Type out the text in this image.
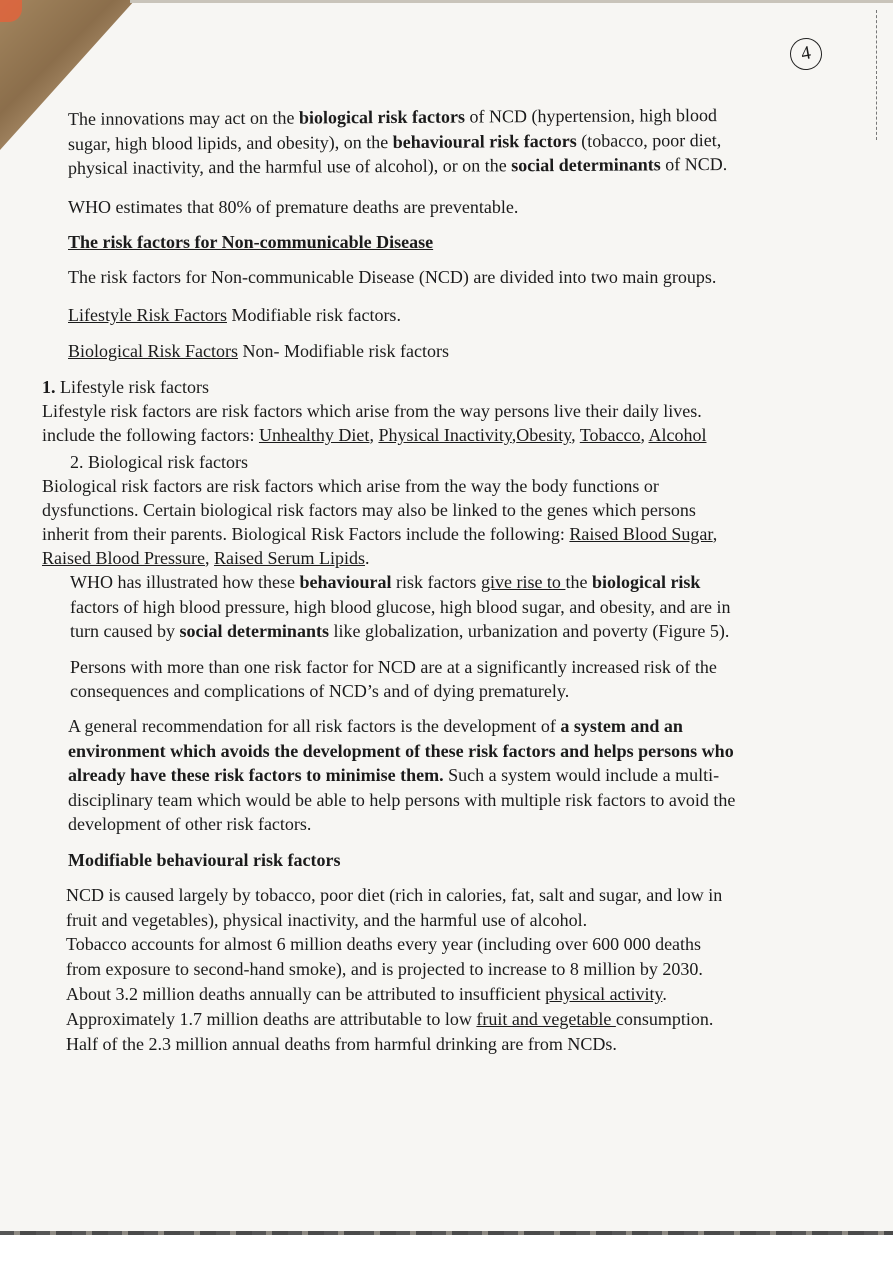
4
The innovations may act on the biological risk factors of NCD (hypertension, high blood
sugar, high blood lipids, and obesity), on the behavioural risk factors (tobacco, poor diet,
physical inactivity, and the harmful use of alcohol), or on the social determinants of NCD.
WHO estimates that 80% of premature deaths are preventable.
The risk factors for Non-communicable Disease
The risk factors for Non-communicable Disease (NCD) are divided into two main groups.
Lifestyle Risk Factors Modifiable risk factors.
Biological Risk Factors Non- Modifiable risk factors
1. Lifestyle risk factors
Lifestyle risk factors are risk factors which arise from the way persons live their daily lives.
include the following factors: Unhealthy Diet, Physical Inactivity,Obesity, Tobacco, Alcohol
2. Biological risk factors
Biological risk factors are risk factors which arise from the way the body functions or
dysfunctions. Certain biological risk factors may also be linked to the genes which persons
inherit from their parents. Biological Risk Factors include the following: Raised Blood Sugar,
Raised Blood Pressure, Raised Serum Lipids.
WHO has illustrated how these behavioural risk factors give rise to the biological risk
factors of high blood pressure, high blood glucose, high blood sugar, and obesity, and are in
turn caused by social determinants like globalization, urbanization and poverty (Figure 5).
Persons with more than one risk factor for NCD are at a significantly increased risk of the
consequences and complications of NCD’s and of dying prematurely.
A general recommendation for all risk factors is the development of a system and an
environment which avoids the development of these risk factors and helps persons who
already have these risk factors to minimise them. Such a system would include a multi-
disciplinary team which would be able to help persons with multiple risk factors to avoid the
development of other risk factors.
Modifiable behavioural risk factors
NCD is caused largely by tobacco, poor diet (rich in calories, fat, salt and sugar, and low in
fruit and vegetables), physical inactivity, and the harmful use of alcohol.
Tobacco accounts for almost 6 million deaths every year (including over 600 000 deaths
from exposure to second-hand smoke), and is projected to increase to 8 million by 2030.
About 3.2 million deaths annually can be attributed to insufficient physical activity.
Approximately 1.7 million deaths are attributable to low fruit and vegetable consumption.
Half of the 2.3 million annual deaths from harmful drinking are from NCDs.
